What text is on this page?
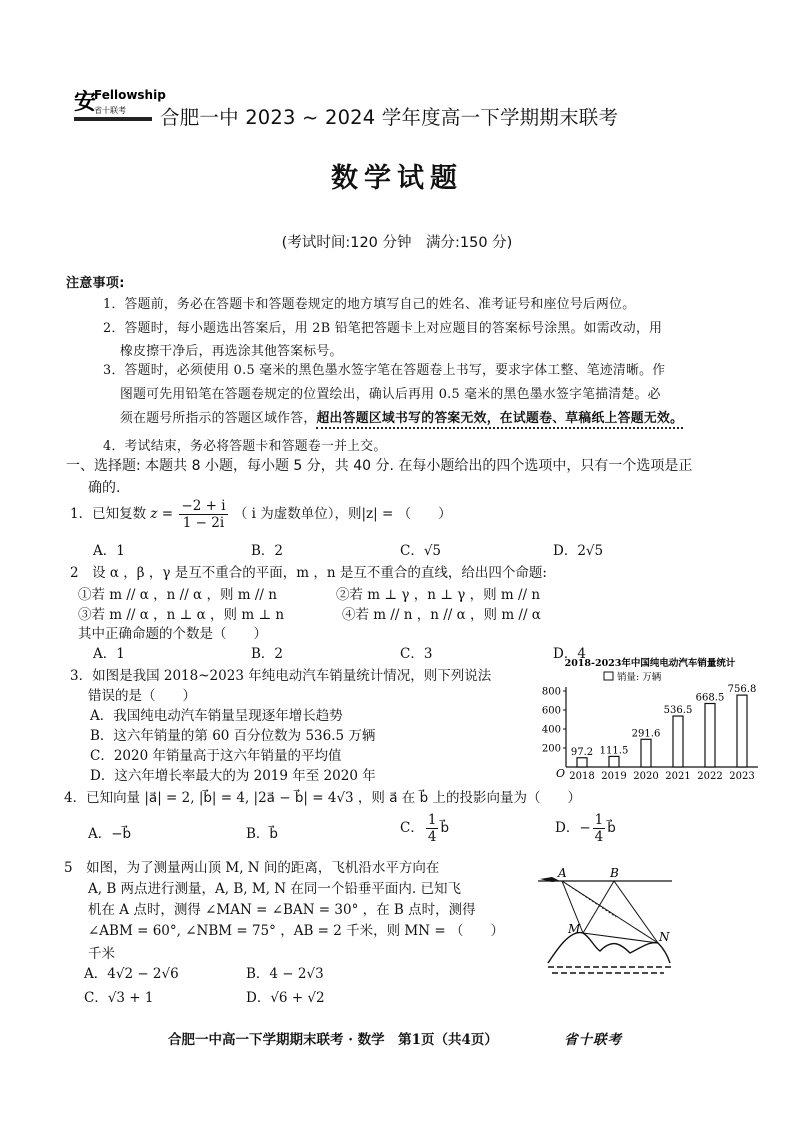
安
Fellowship
省十联考 合肥一中 2023 ~ 2024 学年度高一下学期期末联考
数学试题
(考试时间:120 分钟　满分:150 分)
注意事项:
1．答题前，务必在答题卡和答题卷规定的地方填写自己的姓名、准考证号和座位号后两位。
2．答题时，每小题选出答案后，用 2B 铅笔把答题卡上对应题目的答案标号涂黑。如需改动，用
橡皮擦干净后，再选涂其他答案标号。
3．答题时，必须使用 0.5 毫米的黑色墨水签字笔在答题卷上书写，要求字体工整、笔迹清晰。作
图题可先用铅笔在答题卷规定的位置绘出，确认后再用 0.5 毫米的黑色墨水签字笔描清楚。必
须在题号所指示的答题区域作答，超出答题区域书写的答案无效，在试题卷、草稿纸上答题无效。
4．考试结束，务必将答题卡和答题卷一并上交。
一、选择题: 本题共 8 小题，每小题 5 分，共 40 分. 在每小题给出的四个选项中，只有一个选项是正
确的.
1．已知复数 $z = \frac{-2 + i}{1 - 2i}$ （ i 为虚数单位），则|z| = （　　）
A．1	B．2	C．√5	D．2√5
2　设 α ，β ，γ 是互不重合的平面，m ，n 是互不重合的直线，给出四个命题:
①若 m // α ，n // α ，则 m // n	②若 m ⊥ γ ，n ⊥ γ ，则 m // n
③若 m // α ，n ⊥ α ，则 m ⊥ n	④若 m // n ，n // α ，则 m // α
其中正确命题的个数是（　　）
A．1	B．2	C．3	D．4
3．如图是我国 2018~2023 年纯电动汽车销量统计情况，则下列说法
错误的是（　　）
A．我国纯电动汽车销量呈现逐年增长趋势
B．这六年销量的第 60 百分位数为 536.5 万辆
C．2020 年销量高于这六年销量的平均值
D．这六年增长率最大的为 2019 年至 2020 年
2018-2023年中国纯电动汽车销量统计
销量: 万辆
800
600
400
200
O
97.2
2018
111.5
2019
291.6
2020
536.5
2021
668.5
2022
756.8
2023
4．已知向量 |a⃗| = 2, |b⃗| = 4, |2a⃗ − b⃗| = 4√3 ，则 a⃗ 在 b⃗ 上的投影向量为（　　）
A．−b⃗	B．b⃗	C． $\frac{1}{4}$ b⃗	D．− $\frac{1}{4}$ b⃗
5　如图，为了测量两山顶 M, N 间的距离，飞机沿水平方向在
A, B 两点进行测量，A, B, M, N 在同一个铅垂平面内. 已知飞
机在 A 点时，测得 ∠MAN = ∠BAN = 30° ，在 B 点时，测得
∠ABM = 60°, ∠NBM = 75° ，AB = 2 千米，则 MN = （　　）
千米
A．4√2 − 2√6	B．4 − 2√3
C．√3 + 1	D．√6 + √2
A	B
M
N
合肥一中高一下学期期末联考 · 数学　第1页（共4页）	省十联考
